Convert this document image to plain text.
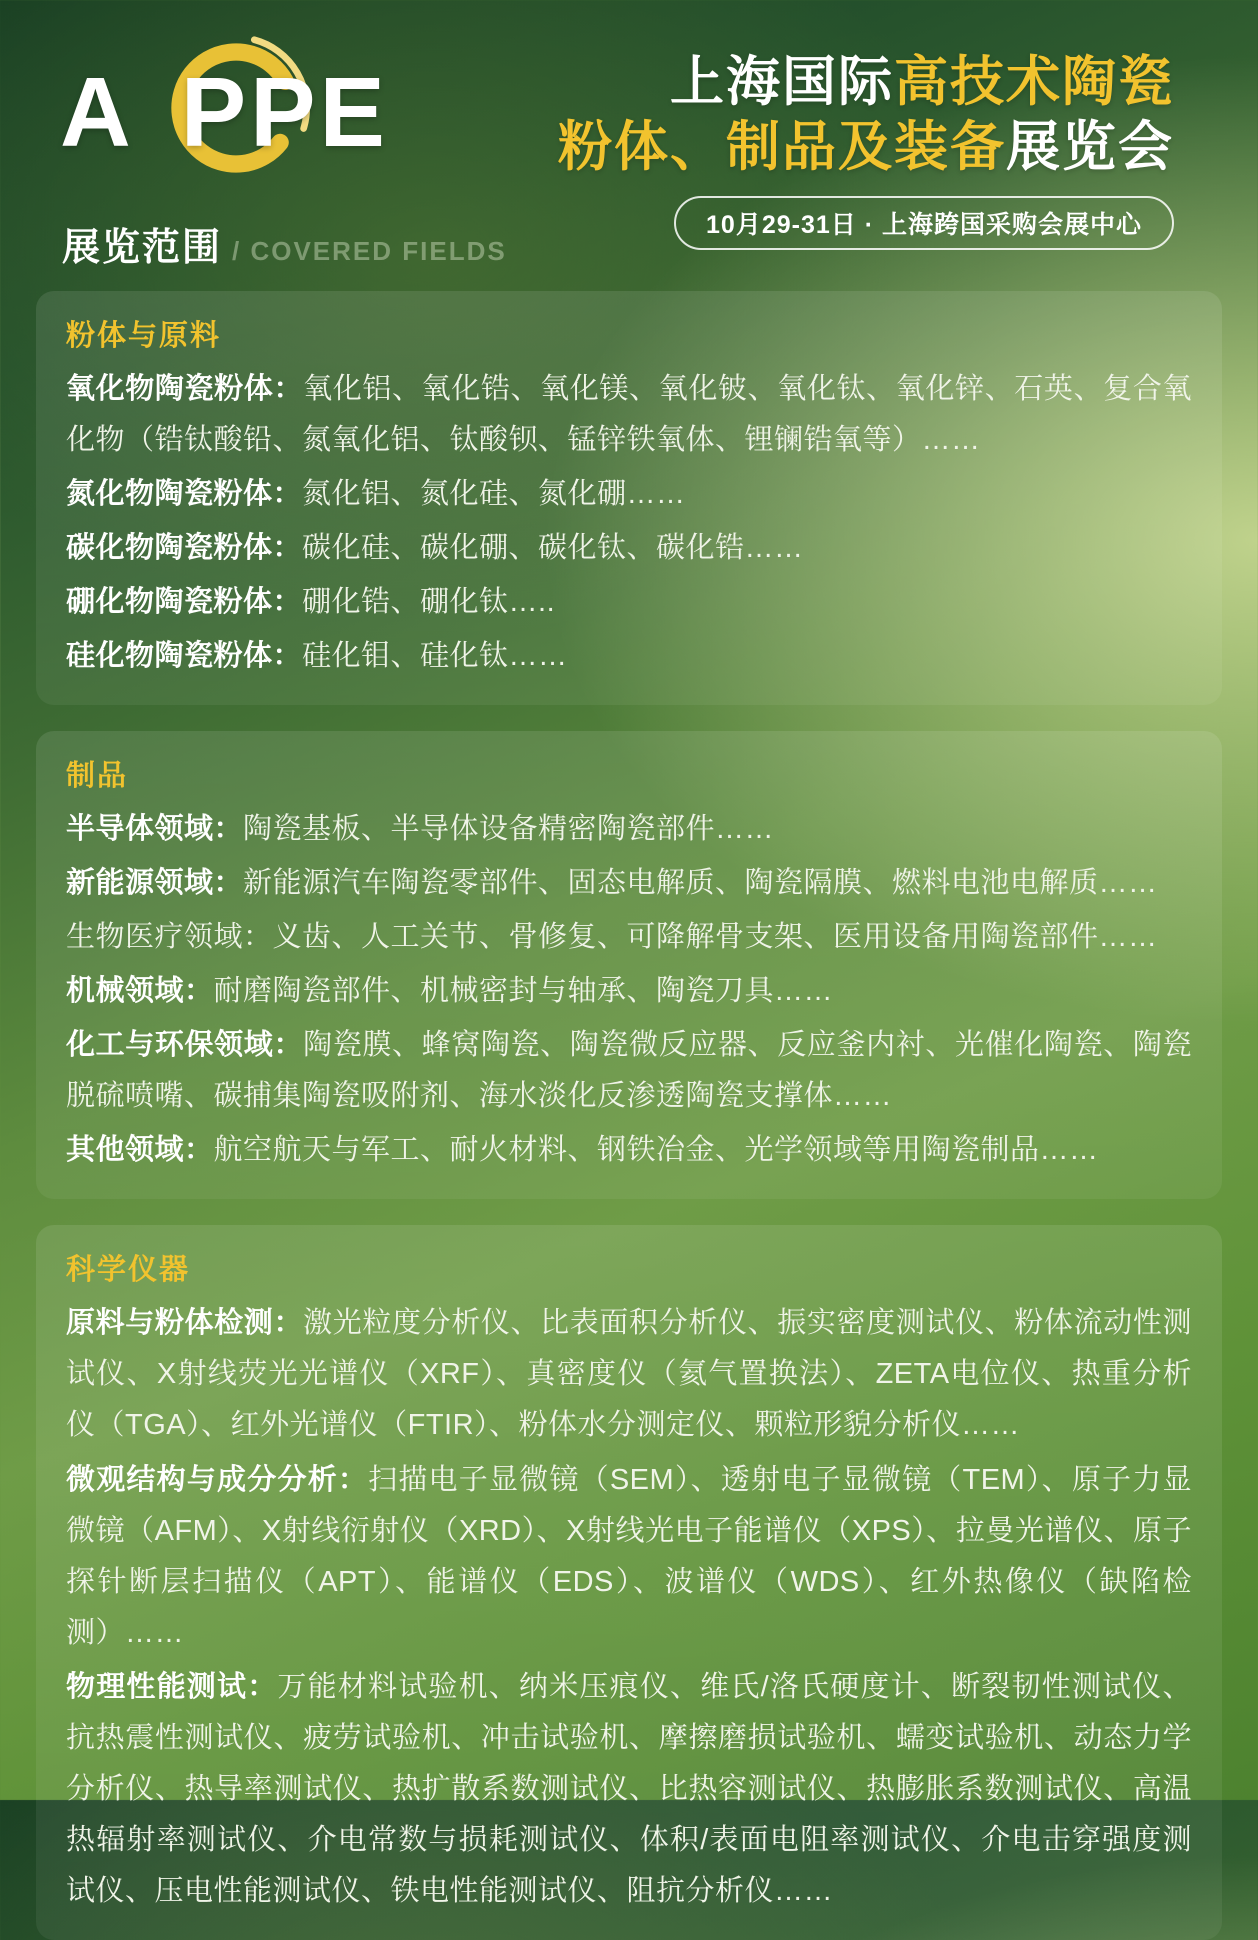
A PPE	上海国际高技术陶瓷
粉体、制品及装备展览会
10月29-31日 · 上海跨国采购会展中心
展览范围 / COVERED FIELDS
粉体与原料

氧化物陶瓷粉体：氧化铝、氧化锆、氧化镁、氧化铍、氧化钛、氧化锌、石英、复合氧化物（锆钛酸铅、氮氧化铝、钛酸钡、锰锌铁氧体、锂镧锆氧等）……

氮化物陶瓷粉体：氮化铝、氮化硅、氮化硼……

碳化物陶瓷粉体：碳化硅、碳化硼、碳化钛、碳化锆……

硼化物陶瓷粉体：硼化锆、硼化钛…..

硅化物陶瓷粉体：硅化钼、硅化钛……

制品

半导体领域：陶瓷基板、半导体设备精密陶瓷部件……

新能源领域：新能源汽车陶瓷零部件、固态电解质、陶瓷隔膜、燃料电池电解质……

生物医疗领域：义齿、人工关节、骨修复、可降解骨支架、医用设备用陶瓷部件……

机械领域：耐磨陶瓷部件、机械密封与轴承、陶瓷刀具……

化工与环保领域：陶瓷膜、蜂窝陶瓷、陶瓷微反应器、反应釜内衬、光催化陶瓷、陶瓷脱硫喷嘴、碳捕集陶瓷吸附剂、海水淡化反渗透陶瓷支撑体……

其他领域：航空航天与军工、耐火材料、钢铁冶金、光学领域等用陶瓷制品……

科学仪器

原料与粉体检测：激光粒度分析仪、比表面积分析仪、振实密度测试仪、粉体流动性测试仪、X射线荧光光谱仪（XRF）、真密度仪（氦气置换法）、ZETA电位仪、热重分析仪（TGA）、红外光谱仪（FTIR）、粉体水分测定仪、颗粒形貌分析仪……

微观结构与成分分析：扫描电子显微镜（SEM）、透射电子显微镜（TEM）、原子力显微镜（AFM）、X射线衍射仪（XRD）、X射线光电子能谱仪（XPS）、拉曼光谱仪、原子探针断层扫描仪（APT）、能谱仪（EDS）、波谱仪（WDS）、红外热像仪（缺陷检测）……

物理性能测试：万能材料试验机、纳米压痕仪、维氏/洛氏硬度计、断裂韧性测试仪、抗热震性测试仪、疲劳试验机、冲击试验机、摩擦磨损试验机、蠕变试验机、动态力学分析仪、热导率测试仪、热扩散系数测试仪、比热容测试仪、热膨胀系数测试仪、高温热辐射率测试仪、介电常数与损耗测试仪、体积/表面电阻率测试仪、介电击穿强度测试仪、压电性能测试仪、铁电性能测试仪、阻抗分析仪……
